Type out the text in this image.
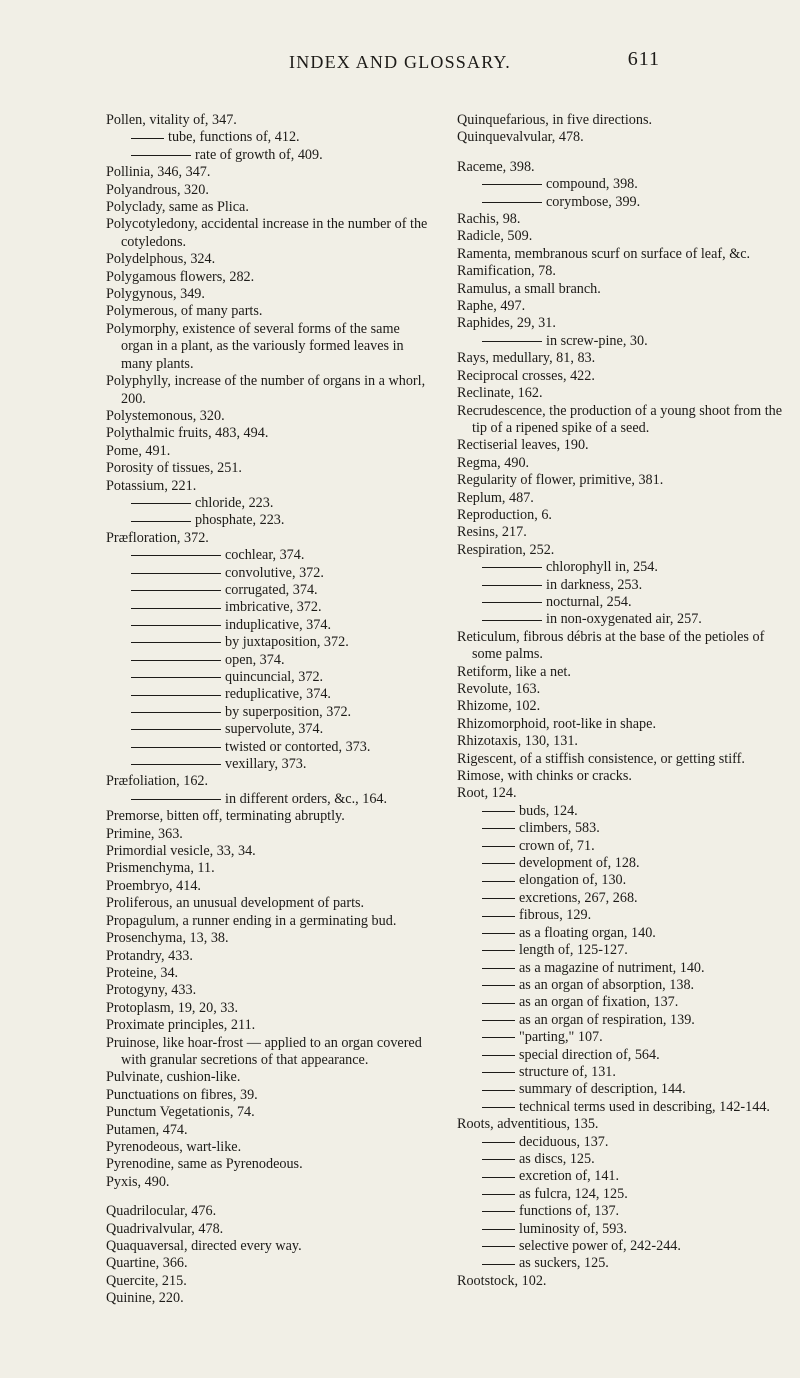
INDEX AND GLOSSARY.	611
Pollen, vitality of, 347.
tube, functions of, 412.
rate of growth of, 409.
Pollinia, 346, 347.
Polyandrous, 320.
Polyclady, same as Plica.
Polycotyledony, accidental increase in the number of the cotyledons.
Polydelphous, 324.
Polygamous flowers, 282.
Polygynous, 349.
Polymerous, of many parts.
Polymorphy, existence of several forms of the same organ in a plant, as the variously formed leaves in many plants.
Polyphylly, increase of the number of organs in a whorl, 200.
Polystemonous, 320.
Polythalmic fruits, 483, 494.
Pome, 491.
Porosity of tissues, 251.
Potassium, 221.
chloride, 223.
phosphate, 223.
Præfloration, 372.
cochlear, 374.
convolutive, 372.
corrugated, 374.
imbricative, 372.
induplicative, 374.
by juxtaposition, 372.
open, 374.
quincuncial, 372.
reduplicative, 374.
by superposition, 372.
supervolute, 374.
twisted or contorted, 373.
vexillary, 373.
Præfoliation, 162.
in different orders, &c., 164.
Premorse, bitten off, terminating abruptly.
Primine, 363.
Primordial vesicle, 33, 34.
Prismenchyma, 11.
Proembryo, 414.
Proliferous, an unusual development of parts.
Propagulum, a runner ending in a germinating bud.
Prosenchyma, 13, 38.
Protandry, 433.
Proteine, 34.
Protogyny, 433.
Protoplasm, 19, 20, 33.
Proximate principles, 211.
Pruinose, like hoar-frost — applied to an organ covered with granular secretions of that appearance.
Pulvinate, cushion-like.
Punctuations on fibres, 39.
Punctum Vegetationis, 74.
Putamen, 474.
Pyrenodeous, wart-like.
Pyrenodine, same as Pyrenodeous.
Pyxis, 490.
Quadrilocular, 476.
Quadrivalvular, 478.
Quaquaversal, directed every way.
Quartine, 366.
Quercite, 215.
Quinine, 220.
Quinquefarious, in five directions.
Quinquevalvular, 478.
Raceme, 398.
compound, 398.
corymbose, 399.
Rachis, 98.
Radicle, 509.
Ramenta, membranous scurf on surface of leaf, &c.
Ramification, 78.
Ramulus, a small branch.
Raphe, 497.
Raphides, 29, 31.
in screw-pine, 30.
Rays, medullary, 81, 83.
Reciprocal crosses, 422.
Reclinate, 162.
Recrudescence, the production of a young shoot from the tip of a ripened spike of a seed.
Rectiserial leaves, 190.
Regma, 490.
Regularity of flower, primitive, 381.
Replum, 487.
Reproduction, 6.
Resins, 217.
Respiration, 252.
chlorophyll in, 254.
in darkness, 253.
nocturnal, 254.
in non-oxygenated air, 257.
Reticulum, fibrous débris at the base of the petioles of some palms.
Retiform, like a net.
Revolute, 163.
Rhizome, 102.
Rhizomorphoid, root-like in shape.
Rhizotaxis, 130, 131.
Rigescent, of a stiffish consistence, or getting stiff.
Rimose, with chinks or cracks.
Root, 124.
buds, 124.
climbers, 583.
crown of, 71.
development of, 128.
elongation of, 130.
excretions, 267, 268.
fibrous, 129.
as a floating organ, 140.
length of, 125-127.
as a magazine of nutriment, 140.
as an organ of absorption, 138.
as an organ of fixation, 137.
as an organ of respiration, 139.
"parting," 107.
special direction of, 564.
structure of, 131.
summary of description, 144.
technical terms used in describing, 142-144.
Roots, adventitious, 135.
deciduous, 137.
as discs, 125.
excretion of, 141.
as fulcra, 124, 125.
functions of, 137.
luminosity of, 593.
selective power of, 242-244.
as suckers, 125.
Rootstock, 102.
